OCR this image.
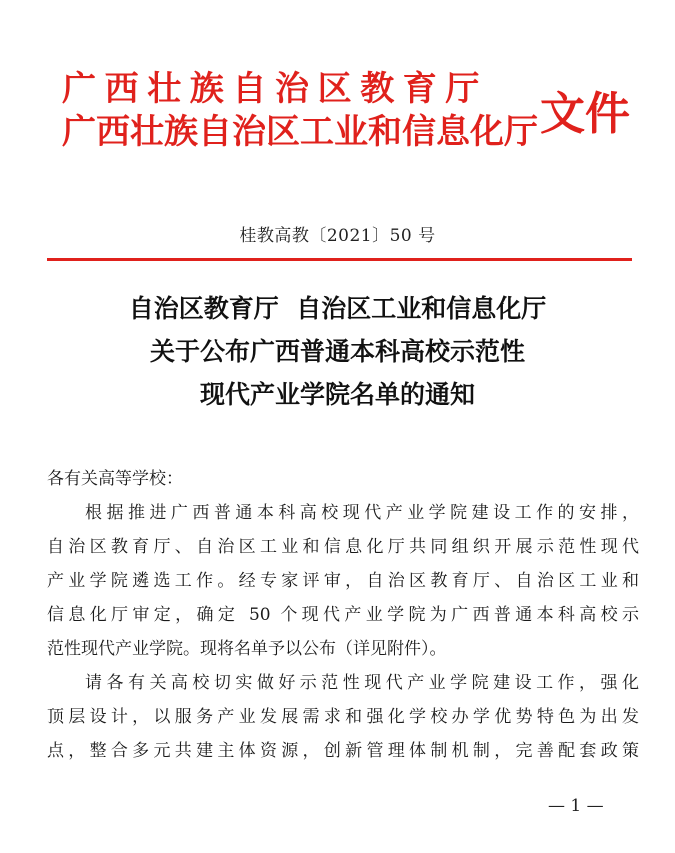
广西壮族自治区教育厅
广西壮族自治区工业和信息化厅 文件
桂教高教〔2021〕50 号
自治区教育厅  自治区工业和信息化厅
关于公布广西普通本科高校示范性
现代产业学院名单的通知
各有关高等学校：
根据推进广西普通本科高校现代产业学院建设工作的安排，
自治区教育厅、自治区工业和信息化厅共同组织开展示范性现代
产业学院遴选工作。经专家评审，自治区教育厅、自治区工业和
信息化厅审定，确定 50 个现代产业学院为广西普通本科高校示
范性现代产业学院。现将名单予以公布（详见附件）。
请各有关高校切实做好示范性现代产业学院建设工作，强化
顶层设计，以服务产业发展需求和强化学校办学优势特色为出发
点，整合多元共建主体资源，创新管理体制机制，完善配套政策
— 1 —
